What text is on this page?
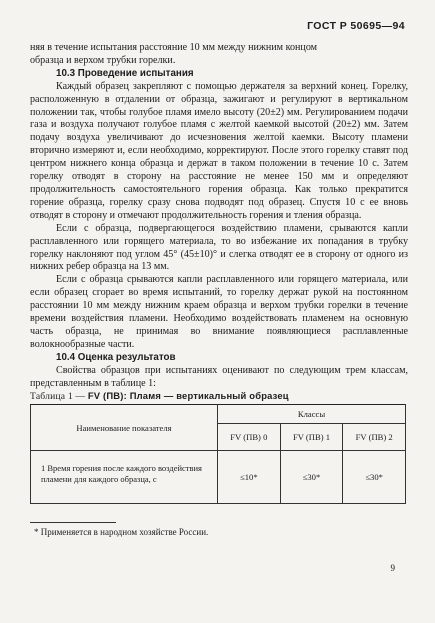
ГОСТ Р 50695—94

няя в течение испытания расстояние 10 мм между нижним концом

образца и верхом трубки горелки.

10.3 Проведение испытания

Каждый образец закрепляют с помощью держателя за верхний конец. Горелку, расположенную в отдалении от образца, зажигают и регулируют в вертикальном положении так, чтобы голубое пламя имело высоту (20±2) мм. Регулированием подачи газа и воздуха получают голубое пламя с желтой каемкой высотой (20±2) мм. Затем подачу воздуха увеличивают до исчезновения желтой каемки. Высоту пламени вторично измеряют и, если необходимо, корректируют. После этого горелку ставят под центром нижнего конца образца и держат в таком положении в течение 10 с. Затем горелку отводят в сторону на расстояние не менее 150 мм и определяют продолжительность самостоятельного горения образца. Как только прекратится горение образца, горелку сразу снова подводят под образец. Спустя 10 с ее вновь отводят в сторону и отмечают продолжительность горения и тления образца.

Если с образца, подвергающегося воздействию пламени, срываются капли расплавленного или горящего материала, то во избежание их попадания в трубку горелку наклоняют под углом 45° (45±10)° и слегка отводят ее в сторону от одного из нижних ребер образца на 13 мм.

Если с образца срываются капли расплавленного или горящего материала, или если образец сгорает во время испытаний, то горелку держат рукой на постоянном расстоянии 10 мм между нижним краем образца и верхом трубки горелки в течение времени воздействия пламени. Необходимо воздействовать пламенем на основную часть образца, не принимая во внимание появляющиеся расплавленные волокнообразные части.

10.4 Оценка результатов

Свойства образцов при испытаниях оценивают по следующим трем классам, представленным в таблице 1:

Таблица 1 — FV (ПВ): Пламя — вертикальный образец

Наименование показателя	Классы		
	FV (ПВ) 0	FV (ПВ) 1	FV (ПВ) 2
1 Время горения после каждого воздействия пламени для каждого образца, с	≤10*	≤30*	≤30*

* Применяется в народном хозяйстве России.

9
